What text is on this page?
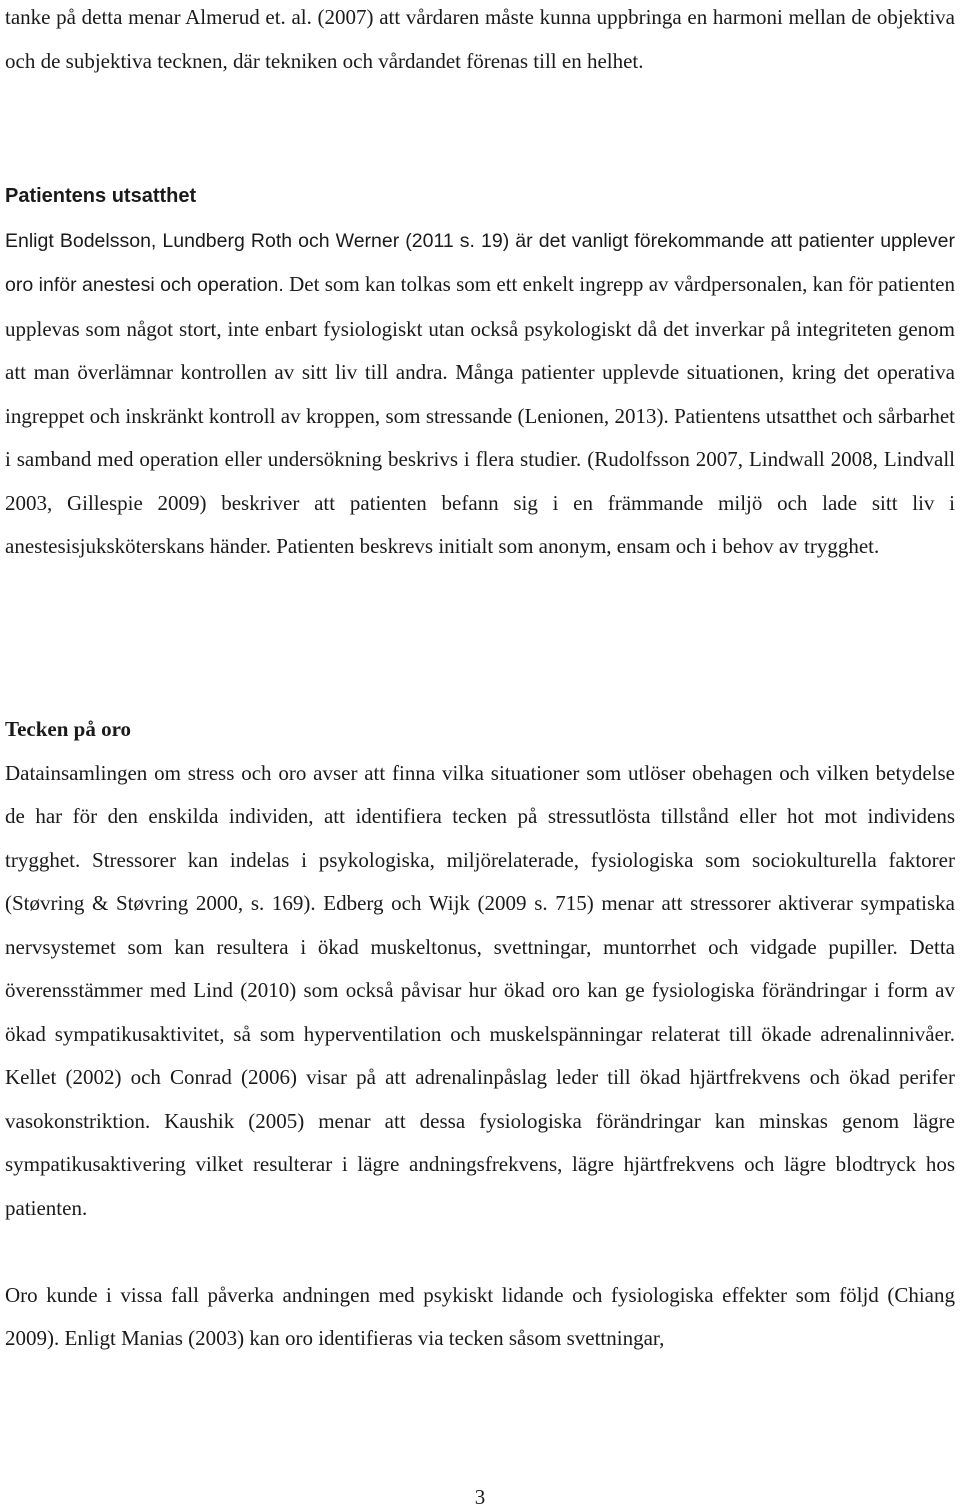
tanke på detta menar Almerud et. al. (2007) att vårdaren måste kunna uppbringa en harmoni mellan de objektiva och de subjektiva tecknen, där tekniken och vårdandet förenas till en helhet.

Patientens utsatthet

Enligt Bodelsson, Lundberg Roth och Werner (2011 s. 19) är det vanligt förekommande att patienter upplever oro inför anestesi och operation. Det som kan tolkas som ett enkelt ingrepp av vårdpersonalen, kan för patienten upplevas som något stort, inte enbart fysiologiskt utan också psykologiskt då det inverkar på integriteten genom att man överlämnar kontrollen av sitt liv till andra. Många patienter upplevde situationen, kring det operativa ingreppet och inskränkt kontroll av kroppen, som stressande (Lenionen, 2013). Patientens utsatthet och sårbarhet i samband med operation eller undersökning beskrivs i flera studier. (Rudolfsson 2007, Lindwall 2008, Lindvall 2003, Gillespie 2009) beskriver att patienten befann sig i en främmande miljö och lade sitt liv i anestesisjuksköterskans händer. Patienten beskrevs initialt som anonym, ensam och i behov av trygghet.

Tecken på oro

Datainsamlingen om stress och oro avser att finna vilka situationer som utlöser obehagen och vilken betydelse de har för den enskilda individen, att identifiera tecken på stressutlösta tillstånd eller hot mot individens trygghet. Stressorer kan indelas i psykologiska, miljörelaterade, fysiologiska som sociokulturella faktorer (Støvring & Støvring 2000, s. 169). Edberg och Wijk (2009 s. 715) menar att stressorer aktiverar sympatiska nervsystemet som kan resultera i ökad muskeltonus, svettningar, muntorrhet och vidgade pupiller. Detta överensstämmer med Lind (2010) som också påvisar hur ökad oro kan ge fysiologiska förändringar i form av ökad sympatikusaktivitet, så som hyperventilation och muskelspänningar relaterat till ökade adrenalinnivåer. Kellet (2002) och Conrad (2006) visar på att adrenalinpåslag leder till ökad hjärtfrekvens och ökad perifer vasokonstriktion. Kaushik (2005) menar att dessa fysiologiska förändringar kan minskas genom lägre sympatikusaktivering vilket resulterar i lägre andningsfrekvens, lägre hjärtfrekvens och lägre blodtryck hos patienten.

Oro kunde i vissa fall påverka andningen med psykiskt lidande och fysiologiska effekter som följd (Chiang 2009). Enligt Manias (2003) kan oro identifieras via tecken såsom svettningar,

3
